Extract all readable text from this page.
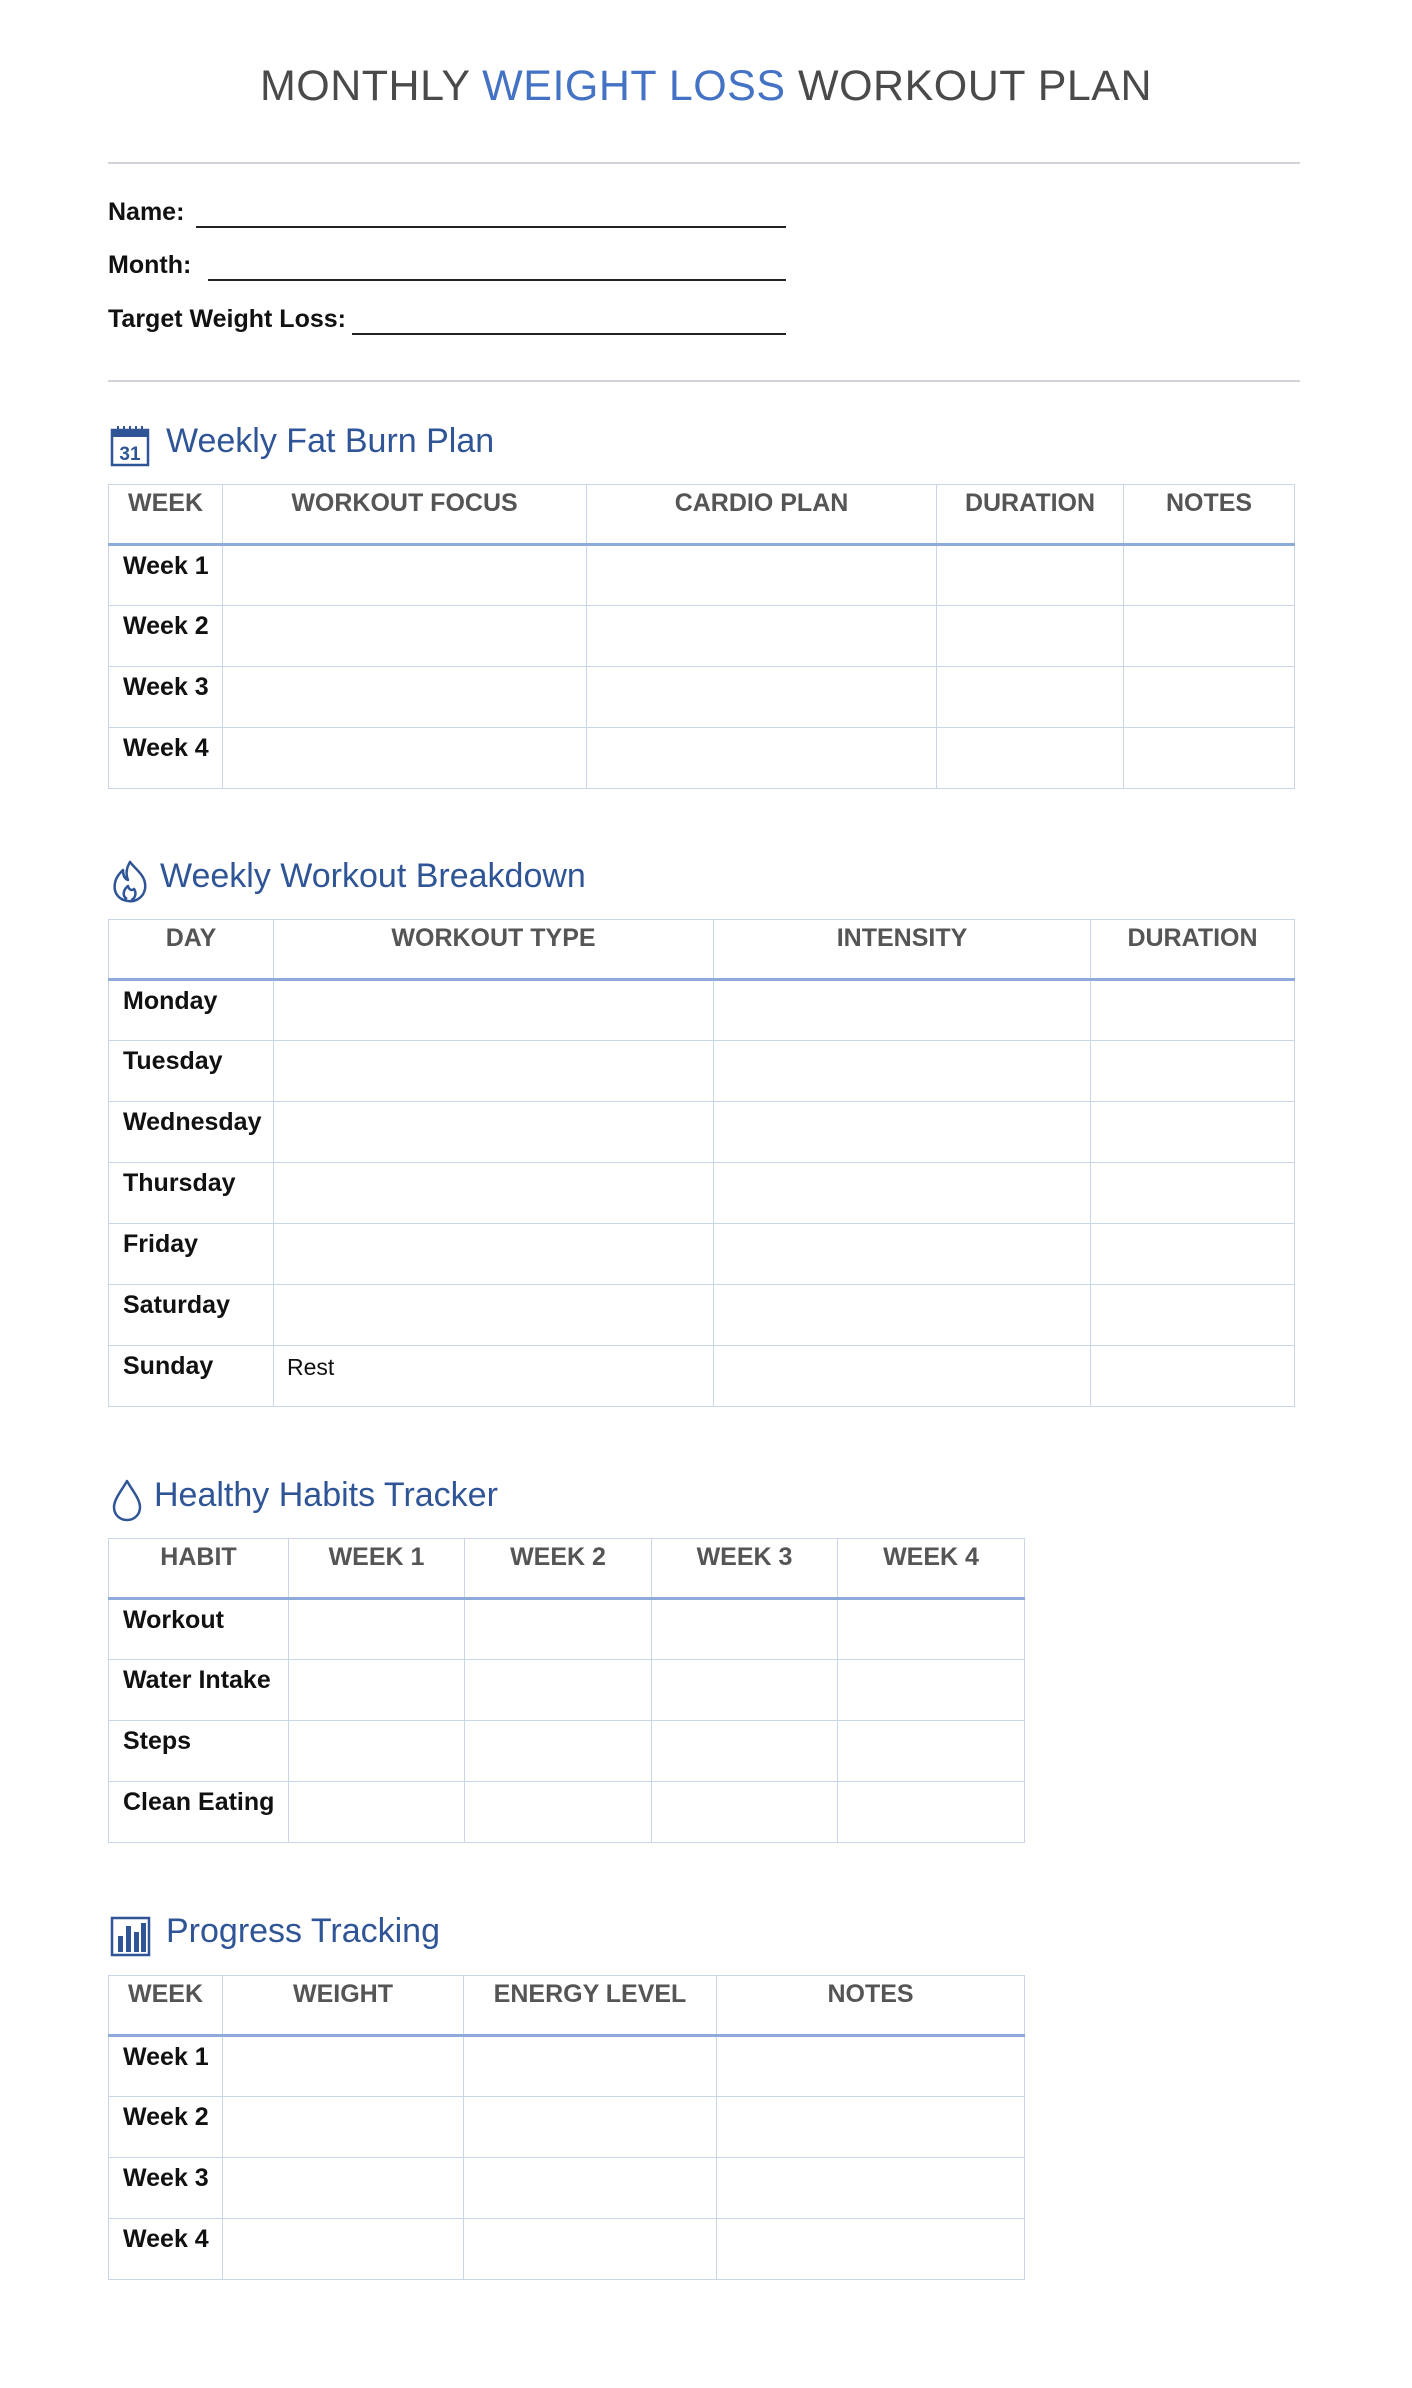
MONTHLY WEIGHT LOSS WORKOUT PLAN
Name:
Month:
Target Weight Loss:
31 Weekly Fat Burn Plan
WEEK	WORKOUT FOCUS	CARDIO PLAN	DURATION	NOTES
Week 1				
Week 2				
Week 3				
Week 4				
Weekly Workout Breakdown
DAY	WORKOUT TYPE	INTENSITY	DURATION
Monday			
Tuesday			
Wednesday			
Thursday			
Friday			
Saturday			
Sunday	Rest		
Healthy Habits Tracker
HABIT	WEEK 1	WEEK 2	WEEK 3	WEEK 4
Workout				
Water Intake				
Steps				
Clean Eating				
Progress Tracking
WEEK	WEIGHT	ENERGY LEVEL	NOTES
Week 1			
Week 2			
Week 3			
Week 4			
